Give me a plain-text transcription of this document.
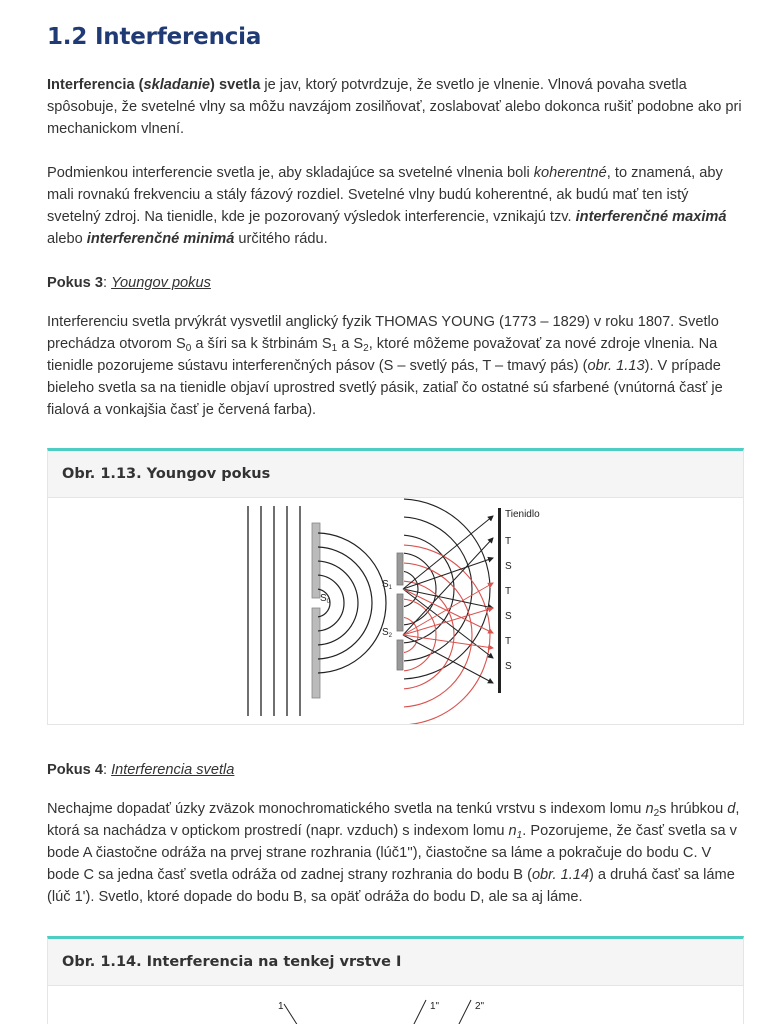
1.2 Interferencia

Interferencia (skladanie) svetla je jav, ktorý potvrdzuje, že svetlo je vlnenie. Vlnová povaha svetla spôsobuje, že svetelné vlny sa môžu navzájom zosilňovať, zoslabovať alebo dokonca rušiť podobne ako pri mechanickom vlnení.

Podmienkou interferencie svetla je, aby skladajúce sa svetelné vlnenia boli koherentné, to znamená, aby mali rovnakú frekvenciu a stály fázový rozdiel. Svetelné vlny budú koherentné, ak budú mať ten istý svetelný zdroj. Na tienidle, kde je pozorovaný výsledok interferencie, vznikajú tzv. interferenčné maximá alebo interferenčné minimá určitého rádu.

Pokus 3: Youngov pokus

Interferenciu svetla prvýkrát vysvetlil anglický fyzik THOMAS YOUNG (1773 – 1829) v roku 1807. Svetlo prechádza otvorom $S_0$ a šíri sa k štrbinám $S_1$ a $S_2$, ktoré môžeme považovať za nové zdroje vlnenia. Na tienidle pozorujeme sústavu interferenčných pásov (S – svetlý pás, T – tmavý pás) (obr. 1.13). V prípade bieleho svetla sa na tienidle objaví uprostred svetlý pásik, zatiaľ čo ostatné sú sfarbené (vnútorná časť je fialová a vonkajšia časť je červená farba).

Obr. 1.13. Youngov pokus
$S_0$
$S_1$
$S_2$
Tienidlo
T
S
T
S
T
S

Pokus 4: Interferencia svetla

Nechajme dopadať úzky zväzok monochromatického svetla na tenkú vrstvu s indexom lomu $n_2s$ hrúbkou d, ktorá sa nachádza v optickom prostredí (napr. vzduch) s indexom lomu $n_1$. Pozorujeme, že časť svetla sa v bode A čiastočne odráža na prvej strane rozhrania (lúč1''), čiastočne sa láme a pokračuje do bodu C. V bode C sa jedna časť svetla odráža od zadnej strany rozhrania do bodu B (obr. 1.14) a druhá časť sa láme (lúč 1'). Svetlo, ktoré dopade do bodu B, sa opäť odráža do bodu D, ale sa aj láme.

Obr. 1.14. Interferencia na tenkej vrstve I
1	1"	2"
